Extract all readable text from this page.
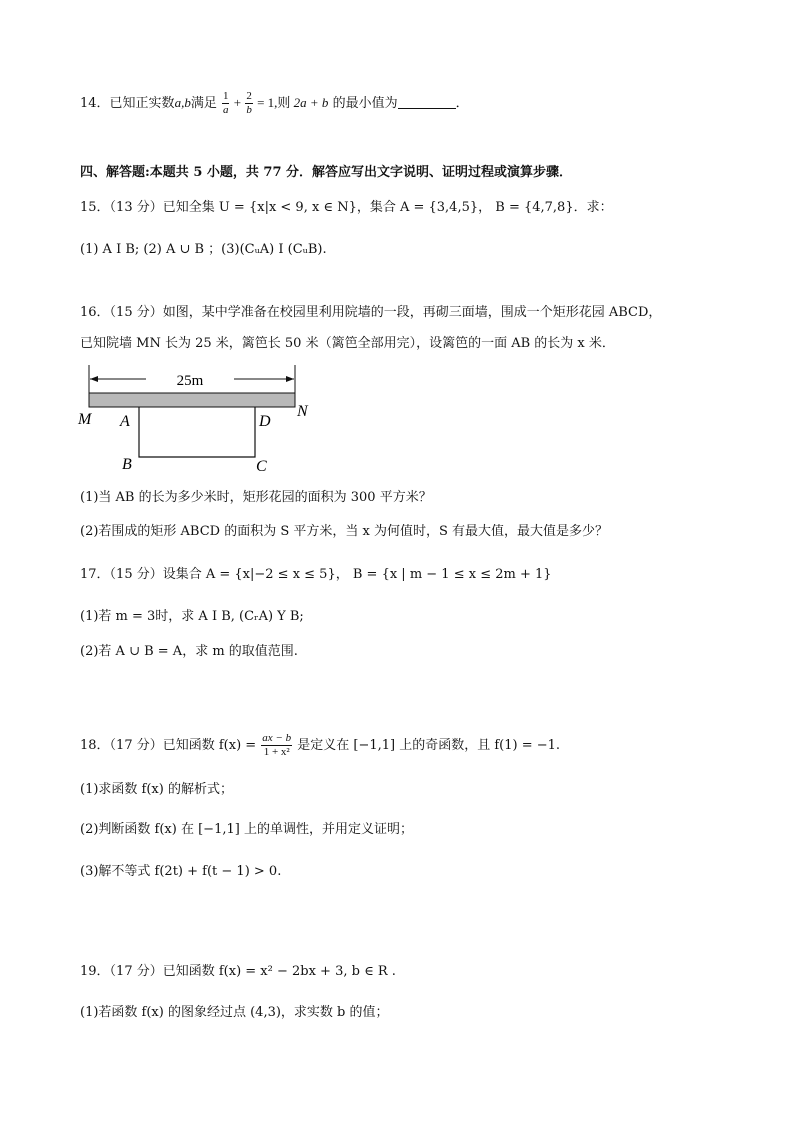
14．已知正实数a,b满足 $\frac{1}{a} + \frac{2}{b} = 1$,则 2a + b 的最小值为	．
四、解答题:本题共 5 小题，共 77 分．解答应写出文字说明、证明过程或演算步骤．
15．（13 分）已知全集 U = {x|x < 9, x ∈ N}，集合 A = {3,4,5}， B = {4,7,8}．求：
(1) A I B; (2) A ∪ B ；(3)(CᵤA) I (CᵤB).
16．（15 分）如图，某中学准备在校园里利用院墙的一段，再砌三面墙，围成一个矩形花园 ABCD，
已知院墙 MN 长为 25 米，篱笆长 50 米（篱笆全部用完），设篱笆的一面 AB 的长为 x 米．
25m
M	N
A	D
B	C
(1)当 AB 的长为多少米时，矩形花园的面积为 300 平方米？
(2)若围成的矩形 ABCD 的面积为 S 平方米，当 x 为何值时，S 有最大值，最大值是多少？
17．（15 分）设集合 A = {x|−2 ≤ x ≤ 5}， B = {x | m − 1 ≤ x ≤ 2m + 1}
(1)若 m = 3时，求 A I B, (CᵣA) Y B;
(2)若 A ∪ B = A，求 m 的取值范围.
18．（17 分）已知函数 $f(x) = \frac{ax - b}{\text{1 + x²}}$ 是定义在 [−1,1] 上的奇函数，且 f(1) = −1.
(1)求函数 f(x) 的解析式；
(2)判断函数 f(x) 在 [−1,1] 上的单调性，并用定义证明；
(3)解不等式 f(2t) + f(t − 1) > 0.
19．（17 分）已知函数 f(x) = x² − 2bx + 3, b ∈ R .
(1)若函数 f(x) 的图象经过点 (4,3)，求实数 b 的值；
